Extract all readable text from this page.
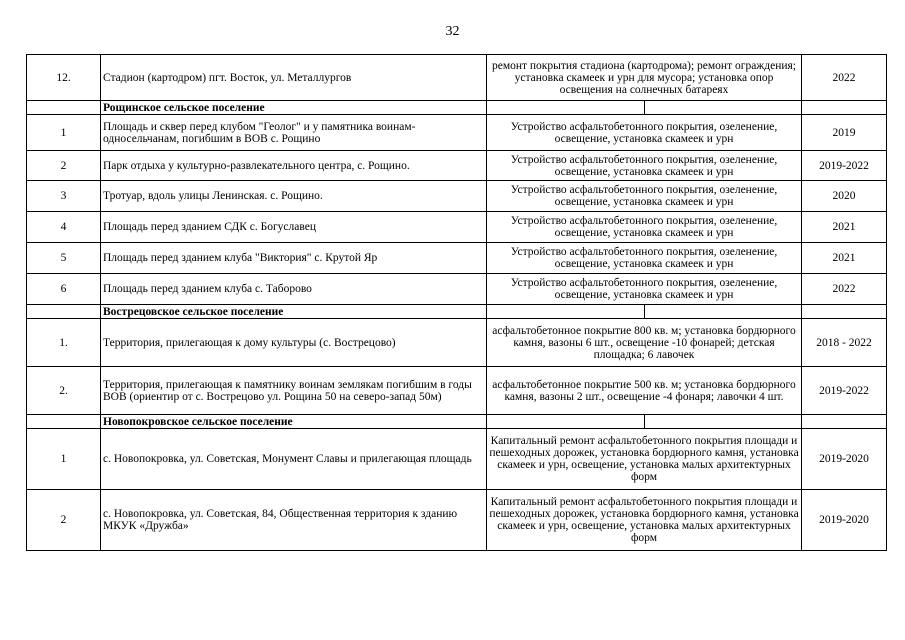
32
12.	Стадион (картодром) пгт. Восток, ул. Металлургов	ремонт покрытия стадиона (картодрома); ремонт ограждения; установка скамеек и урн для мусора; установка опор освещения на солнечных батареях	2022
	Рощинское сельское поселение	

1	Площадь и сквер перед клубом "Геолог" и у памятника воинам-односельчанам, погибшим в ВОВ с. Рощино	Устройство асфальтобетонного покрытия, озеленение, освещение, установка скамеек и урн	2019
2	Парк отдыха у культурно-развлекательного центра, с. Рощино.	Устройство асфальтобетонного покрытия, озеленение, освещение, установка скамеек и урн	2019-2022
3	Тротуар, вдоль улицы Ленинская. с. Рощино.	Устройство асфальтобетонного покрытия, озеленение, освещение, установка скамеек и урн	2020
4	Площадь перед зданием СДК с. Богуславец	Устройство асфальтобетонного покрытия, озеленение, освещение, установка скамеек и урн	2021
5	Площадь перед зданием клуба "Виктория" с. Крутой Яр	Устройство асфальтобетонного покрытия, озеленение, освещение, установка скамеек и урн	2021
6	Площадь перед зданием клуба с. Таборово	Устройство асфальтобетонного покрытия, озеленение, освещение, установка скамеек и урн	2022
	Вострецовское сельское поселение	

1.	Территория, прилегающая к дому культуры (с. Вострецово)	асфальтобетонное покрытие 800 кв. м; установка бордюрного камня, вазоны 6 шт., освещение -10 фонарей; детская площадка; 6 лавочек	2018 - 2022
2.	Территория, прилегающая к памятнику воинам землякам погибшим в годы ВОВ (ориентир от с. Вострецово ул. Рощина 50 на северо-запад 50м)	асфальтобетонное покрытие 500 кв. м; установка бордюрного камня, вазоны 2 шт., освещение -4 фонаря; лавочки 4 шт.	2019-2022
	Новопокровское сельское поселение	

1	с. Новопокровка, ул. Советская, Монумент Славы и прилегающая площадь	Капитальный ремонт асфальтобетонного покрытия площади и пешеходных дорожек, установка бордюрного камня, установка скамеек и урн, освещение, установка малых архитектурных форм	2019-2020
2	с. Новопокровка, ул. Советская, 84, Общественная территория к зданию МКУК «Дружба»	Капитальный ремонт асфальтобетонного покрытия площади и пешеходных дорожек, установка бордюрного камня, установка скамеек и урн, освещение, установка малых архитектурных форм	2019-2020
